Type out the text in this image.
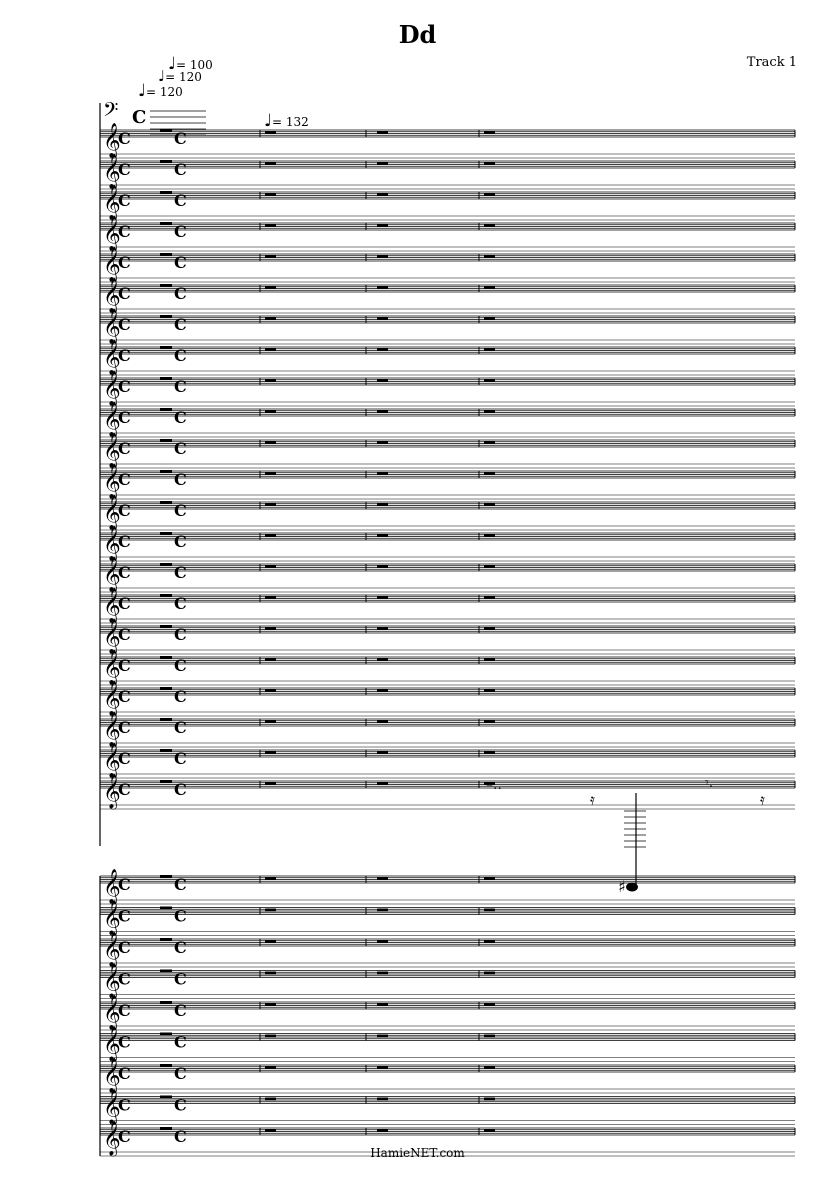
Dd
Track 1
♩= 100
♩= 120
♩= 120
♩= 132
𝄢 C
𝄞
C	C
𝄞
C	C
𝄞
C	C
𝄞
C	C
𝄞
C	C
𝄞
C	C
𝄞
C	C
𝄞
C	C
𝄞
C	C
𝄞
C	C
𝄞
C	C
𝄞
C	C
𝄞
C	C
𝄞
C	C
𝄞
C	C
𝄞
C	C
𝄞
C	C
𝄞
C	C
𝄞
C	C
𝄞
C	C
𝄞
C	C
𝄞
C	C	–..
𝄿
𝄾.
𝄿
♯
𝄞
C	C
𝄞
C	C
𝄞
C	C
𝄞
C	C
𝄞
C	C
𝄞
C	C
𝄞
C	C
𝄞
C	C
𝄞
C	C
HamieNET.com
